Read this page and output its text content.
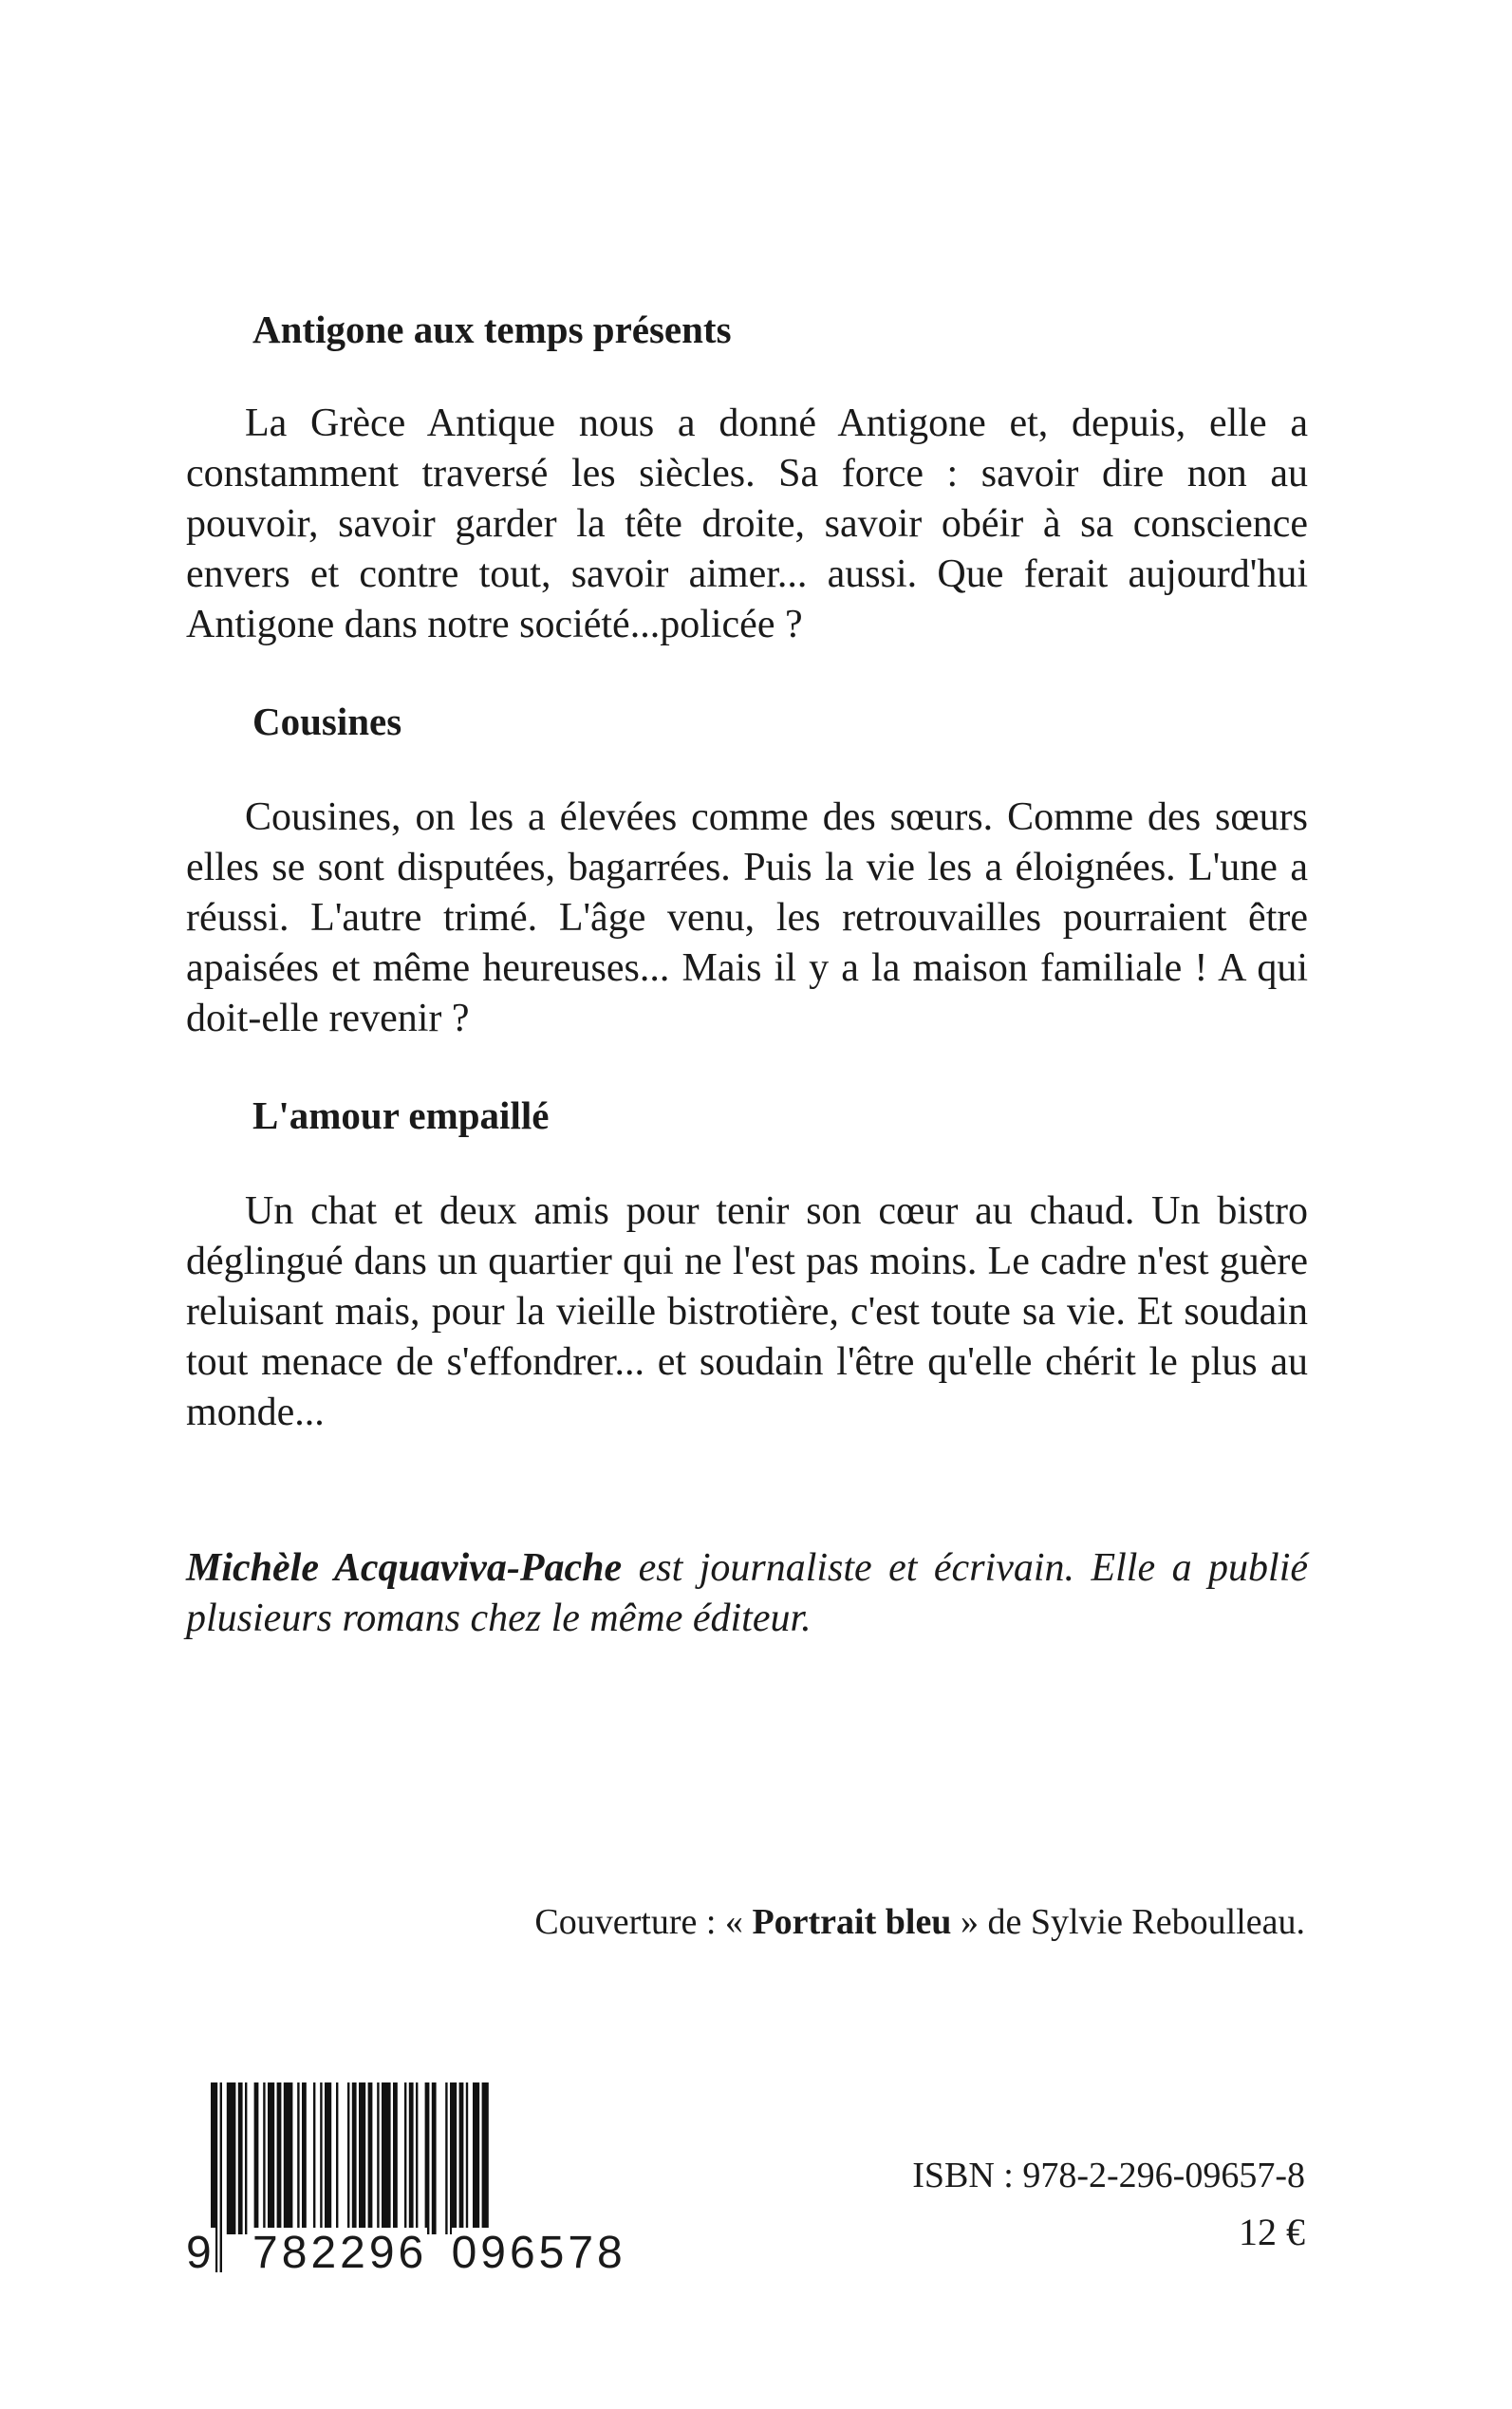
Antigone aux temps présents

La Grèce Antique nous a donné Antigone et, depuis, elle a constamment traversé les siècles. Sa force : savoir dire non au pouvoir, savoir garder la tête droite, savoir obéir à sa conscience envers et contre tout, savoir aimer... aussi. Que ferait aujourd'hui Antigone dans notre société...policée ?

Cousines

Cousines, on les a élevées comme des sœurs. Comme des sœurs elles se sont disputées, bagarrées. Puis la vie les a éloignées. L'une a réussi. L'autre trimé. L'âge venu, les retrouvailles pourraient être apaisées et même heureuses... Mais il y a la maison familiale ! A qui doit-elle revenir ?

L'amour empaillé

Un chat et deux amis pour tenir son cœur au chaud. Un bistro déglingué dans un quartier qui ne l'est pas moins. Le cadre n'est guère reluisant mais, pour la vieille bistrotière, c'est toute sa vie. Et soudain tout menace de s'effondrer... et soudain l'être qu'elle chérit le plus au monde...

Michèle Acquaviva-Pache est journaliste et écrivain. Elle a publié plusieurs romans chez le même éditeur.

Couverture : « Portrait bleu » de Sylvie Reboulleau.
9 782296 096578
ISBN : 978-2-296-09657-8
12 €
